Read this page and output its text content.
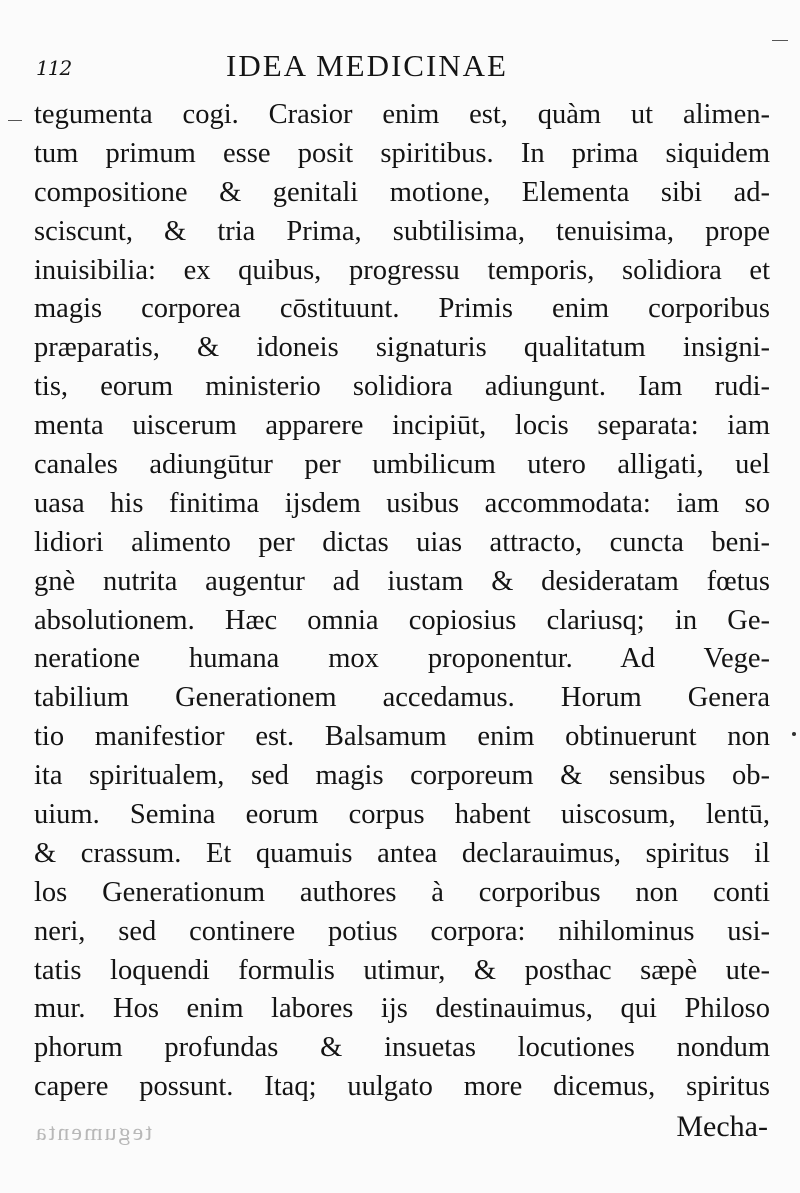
112	IDEA MEDICINAE
tegumenta cogi. Crasior enim est, quàm ut alimen-
tum primum esse posit spiritibus. In prima siquidem
compositione & genitali motione, Elementa sibi ad-
sciscunt, & tria Prima, subtilisima, tenuisima, prope
inuisibilia: ex quibus, progressu temporis, solidiora et
magis corporea cōstituunt. Primis enim corporibus
præparatis, & idoneis signaturis qualitatum insigni-
tis, eorum ministerio solidiora adiungunt. Iam rudi-
menta uiscerum apparere incipiūt, locis separata: iam
canales adiungūtur per umbilicum utero alligati, uel
uasa his finitima ijsdem usibus accommodata: iam so
lidiori alimento per dictas uias attracto, cuncta beni-
gnè nutrita augentur ad iustam & desideratam fœtus
absolutionem. Hæc omnia copiosius clariusq; in Ge-
neratione humana mox proponentur. Ad Vege-
tabilium Generationem accedamus. Horum Genera
tio manifestior est. Balsamum enim obtinuerunt non
ita spiritualem, sed magis corporeum & sensibus ob-
uium. Semina eorum corpus habent uiscosum, lentū,
& crassum. Et quamuis antea declarauimus, spiritus il
los Generationum authores à corporibus non conti
neri, sed continere potius corpora: nihilominus usi-
tatis loquendi formulis utimur, & posthac sæpè ute-
mur. Hos enim labores ijs destinauimus, qui Philoso
phorum profundas & insuetas locutiones nondum
capere possunt. Itaq; uulgato more dicemus, spiritus
tegumenta	Mecha-
